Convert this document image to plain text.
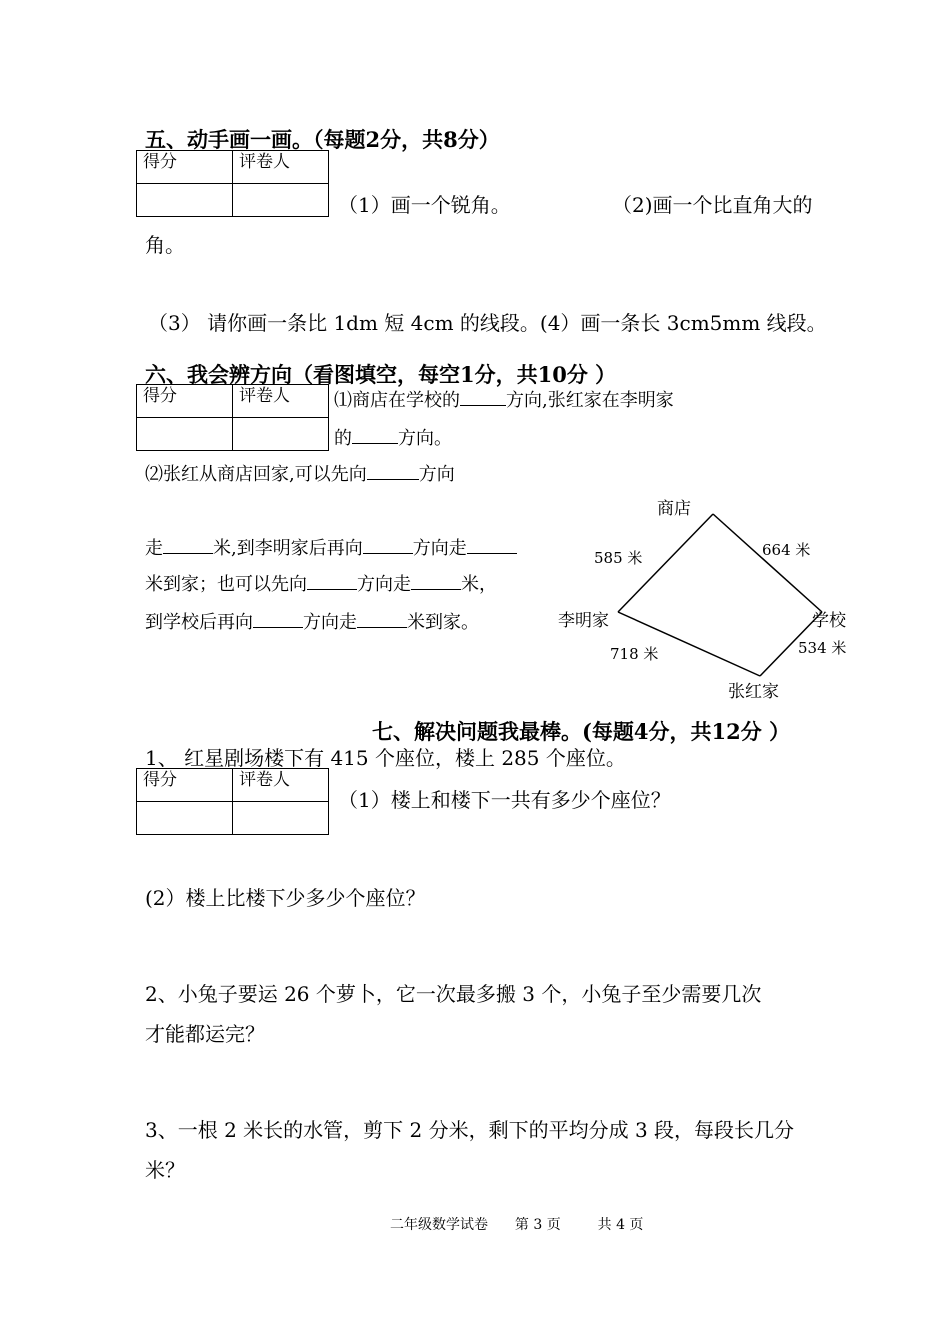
五、动手画一画。（每题2分，共8分）
得分	评卷人

（1）画一个锐角。	（2)画一个比直角大的
角。
（3） 请你画一条比 1dm 短 4cm 的线段。(4）画一条长 3cm5mm 线段。
六、我会辨方向（看图填空，每空1分，共10分 ）
得分	评卷人
	⑴商店在学校的	方向,张红家在李明家
的	方向。
⑵张红从商店回家,可以先向	方向
走	米,到李明家后再向	方向走
米到家；也可以先向	方向走	米，
到学校后再向	方向走	米到家。
商店
学校
李明家
张红家
585 米	664 米
718 米	534 米
七、解决问题我最棒。(每题4分，共12分 ）
1、 红星剧场楼下有 415 个座位，楼上 285 个座位。
得分	评卷人

（1）楼上和楼下一共有多少个座位？
(2）楼上比楼下少多少个座位？
2、小兔子要运 26 个萝卜，它一次最多搬 3 个，小兔子至少需要几次
才能都运完？
3、一根 2 米长的水管，剪下 2 分米，剩下的平均分成 3 段，每段长几分
米？
二年级数学试卷 第 3 页	共 4 页
